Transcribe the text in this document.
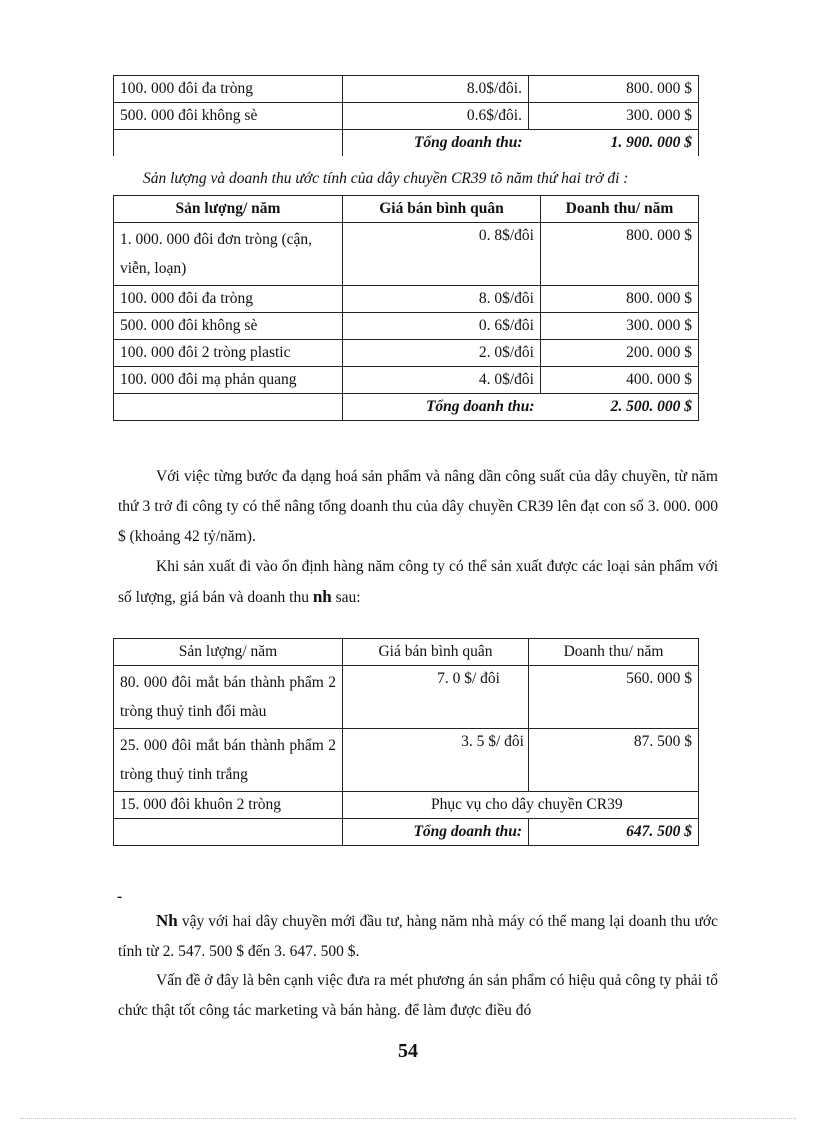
100. 000 đôi đa tròng	8.0$/đôi.	800. 000 $
500. 000 đôi không sè	0.6$/đôi.	300. 000 $
	Tổng doanh thu:	1. 900. 000 $
Sản lượng và doanh thu ước tính của dây chuyền CR39 tõ năm thứ hai trở đi :
Sản lượng/ năm	Giá bán bình quân	Doanh thu/ năm
1. 000. 000 đôi đơn tròng (cận, viễn, loạn)	0. 8$/đôi	800. 000 $
100. 000 đôi đa tròng	8. 0$/đôi	800. 000 $
500. 000 đôi không sè	0. 6$/đôi	300. 000 $
100. 000 đôi 2 tròng plastic	2. 0$/đôi	200. 000 $
100. 000 đôi mạ phản quang	4. 0$/đôi	400. 000 $
	Tổng doanh thu:	2. 500. 000 $
Với việc từng bước đa dạng hoá sản phẩm và nâng dần công suất của dây chuyền, từ năm thứ 3 trở đi công ty có thể nâng tổng doanh thu của dây chuyền CR39 lên đạt con số 3. 000. 000 $ (khoảng 42 tỷ/năm).
Khi sản xuất đi vào ổn định hàng năm công ty có thể sản xuất được các loại sản phẩm với số lượng, giá bán và doanh thu nh sau:
Sản lượng/ năm	Giá bán bình quân	Doanh thu/ năm
80. 000 đôi mắt bán thành phẩm 2 tròng thuỷ tinh đổi màu	7. 0 $/ đôi	560. 000 $
25. 000 đôi mắt bán thành phẩm 2 tròng thuỷ tinh trắng	3. 5 $/ đôi	87. 500 $
15. 000 đôi khuôn 2 tròng	Phục vụ cho dây chuyền CR39	
	Tổng doanh thu:	647. 500 $
-
Nh vậy với hai dây chuyền mới đầu tư, hàng năm nhà máy có thể mang lại doanh thu ước tính từ 2. 547. 500 $ đến 3. 647. 500 $.
Vấn đề ở đây là bên cạnh việc đưa ra mét phương án sản phẩm có hiệu quả công ty phải tổ chức thật tốt công tác marketing và bán hàng. để làm được điều đó
54
